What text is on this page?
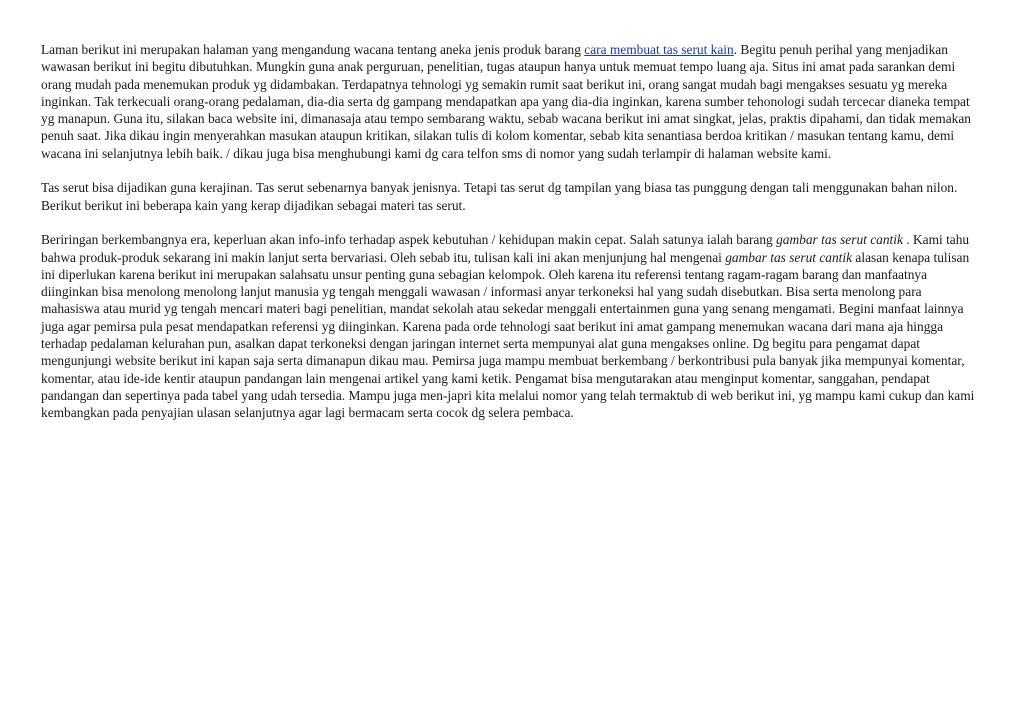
Laman berikut ini merupakan halaman yang mengandung wacana tentang aneka jenis produk barang cara membuat tas serut kain. Begitu penuh perihal yang menjadikan wawasan berikut ini begitu dibutuhkan. Mungkin guna anak perguruan, penelitian, tugas ataupun hanya untuk memuat tempo luang aja. Situs ini amat pada sarankan demi orang mudah pada menemukan produk yg didambakan. Terdapatnya tehnologi yg semakin rumit saat berikut ini, orang sangat mudah bagi mengakses sesuatu yg mereka inginkan. Tak terkecuali orang-orang pedalaman, dia-dia serta dg gampang mendapatkan apa yang dia-dia inginkan, karena sumber tehonologi sudah tercecar dianeka tempat yg manapun. Guna itu, silakan baca website ini, dimanasaja atau tempo sembarang waktu, sebab wacana berikut ini amat singkat, jelas, praktis dipahami, dan tidak memakan penuh saat. Jika dikau ingin menyerahkan masukan ataupun kritikan, silakan tulis di kolom komentar, sebab kita senantiasa berdoa kritikan / masukan tentang kamu, demi wacana ini selanjutnya lebih baik. / dikau juga bisa menghubungi kami dg cara telfon sms di nomor yang sudah terlampir di halaman website kami.

Tas serut bisa dijadikan guna kerajinan. Tas serut sebenarnya banyak jenisnya. Tetapi tas serut dg tampilan yang biasa tas punggung dengan tali menggunakan bahan nilon. Berikut berikut ini beberapa kain yang kerap dijadikan sebagai materi tas serut.

Beriringan berkembangnya era, keperluan akan info-info terhadap aspek kebutuhan / kehidupan makin cepat. Salah satunya ialah barang gambar tas serut cantik . Kami tahu bahwa produk-produk sekarang ini makin lanjut serta bervariasi. Oleh sebab itu, tulisan kali ini akan menjunjung hal mengenai gambar tas serut cantik alasan kenapa tulisan ini diperlukan karena berikut ini merupakan salahsatu unsur penting guna sebagian kelompok. Oleh karena itu referensi tentang ragam-ragam barang dan manfaatnya diinginkan bisa menolong menolong lanjut manusia yg tengah menggali wawasan / informasi anyar terkoneksi hal yang sudah disebutkan. Bisa serta menolong para mahasiswa atau murid yg tengah mencari materi bagi penelitian, mandat sekolah atau sekedar menggali entertainmen guna yang senang mengamati. Begini manfaat lainnya juga agar pemirsa pula pesat mendapatkan referensi yg diinginkan. Karena pada orde tehnologi saat berikut ini amat gampang menemukan wacana dari mana aja hingga terhadap pedalaman kelurahan pun, asalkan dapat terkoneksi dengan jaringan internet serta mempunyai alat guna mengakses online. Dg begitu para pengamat dapat mengunjungi website berikut ini kapan saja serta dimanapun dikau mau. Pemirsa juga mampu membuat berkembang / berkontribusi pula banyak jika mempunyai komentar, komentar, atau ide-ide kentir ataupun pandangan lain mengenai artikel yang kami ketik. Pengamat bisa mengutarakan atau menginput komentar, sanggahan, pendapat pandangan dan sepertinya pada tabel yang udah tersedia. Mampu juga men-japri kita melalui nomor yang telah termaktub di web berikut ini, yg mampu kami cukup dan kami kembangkan pada penyajian ulasan selanjutnya agar lagi bermacam serta cocok dg selera pembaca.
